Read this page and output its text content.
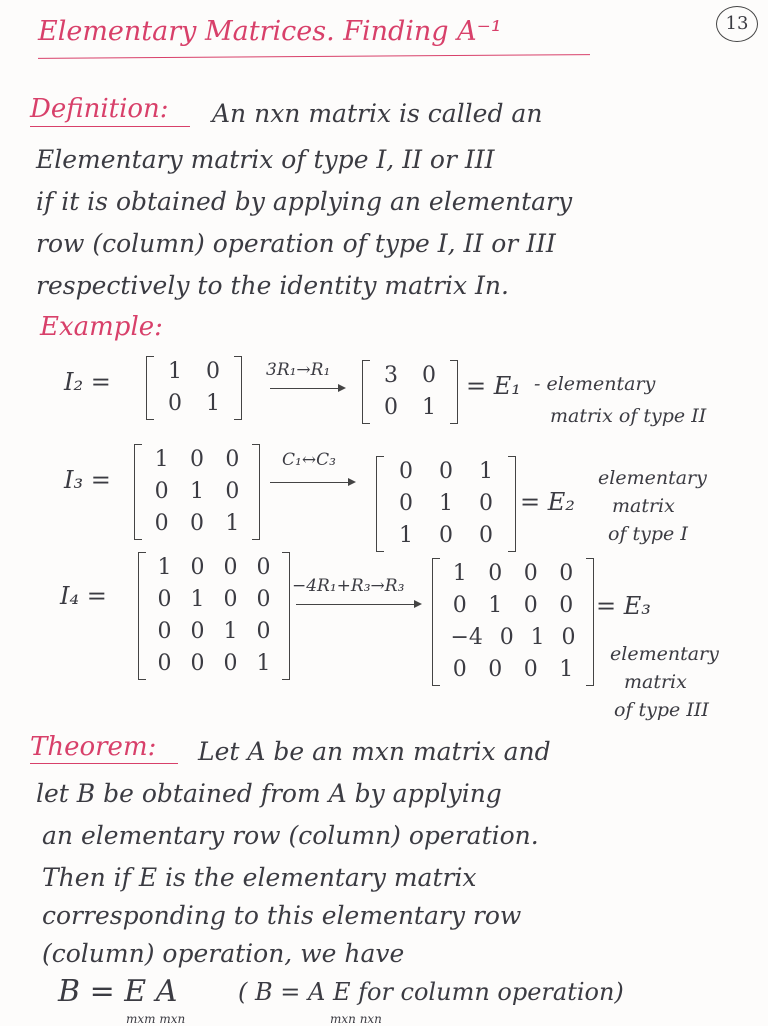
13
Elementary Matrices. Finding A⁻¹
Definition: An nxn matrix is called an
Elementary matrix of type I, II or III
if it is obtained by applying an elementary
row (column) operation of type I, II or III
respectively to the identity matrix In.
Example:
I₂ =	1 0
0 1
3R₁→R₁ 3 0
0 1
= E₁ - elementary
matrix of type II
I₃ =
1 0 0
0 1 0
0 0 1
C₁↔C₃	0 0 1
0 1 0
1 0 0
= E₂
elementary
matrix
of type I
I₄ =
1 0 0 0
0 1 0 0
0 0 1 0
0 0 0 1
−4R₁+R₃→R₃ 1 0 0 0
0 1 0 0
−4 0 1 0
0 0 0 1
= E₃
elementary
matrix
of type III
Theorem: Let A be an mxn matrix and
let B be obtained from A by applying
an elementary row (column) operation.
Then if E is the elementary matrix
corresponding to this elementary row
(column) operation, we have
B = E A	( B = A E for column operation)
mxm mxn	mxn nxn
